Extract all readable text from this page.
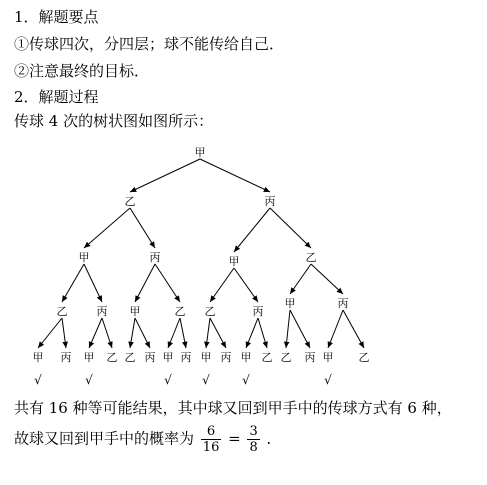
1．解题要点
①传球四次，分四层；球不能传给自己．
②注意最终的目标．
2．解题过程
传球 4 次的树状图如图所示：
甲
乙	丙
甲	丙	甲	乙
乙	丙 甲	乙 乙	丙
甲	丙
甲 丙 甲 乙 乙 丙 甲 丙 甲 丙 甲 乙 乙 丙 甲 乙
√	√	√	√	√	√
共有 16 种等可能结果，其中球又回到甲手中的传球方式有 6 种，
故球又回到甲手中的概率为 $\frac{6}{16} = \frac{3}{8}$ ．
